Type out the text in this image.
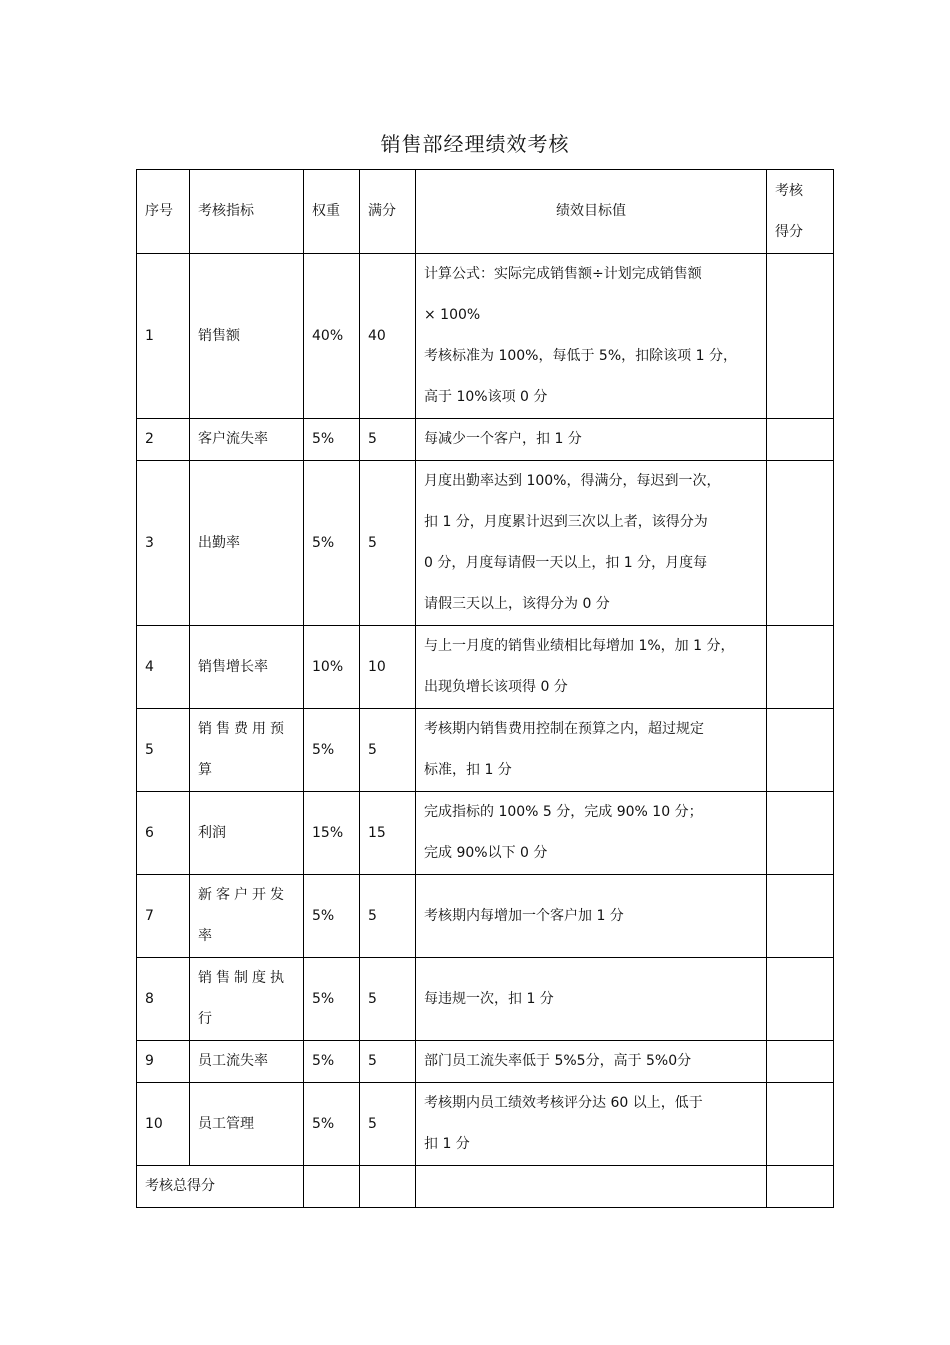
销售部经理绩效考核
序号	考核指标	权重	满分	绩效目标值	考核
得分

1	销售额	40%	40	计算公式：实际完成销售额÷计划完成销售额
× 100%
考核标准为 100%，每低于 5%，扣除该项 1 分，
高于 10%该项 0 分	

2	客户流失率	5%	5	每减少一个客户，扣 1 分	

3	出勤率	5%	5	月度出勤率达到 100%，得满分，每迟到一次，
扣 1 分，月度累计迟到三次以上者，该得分为
0 分，月度每请假一天以上，扣 1 分，月度每
请假三天以上，该得分为 0 分	

4	销售增长率	10%	10	与上一月度的销售业绩相比每增加 1%，加 1 分，
出现负增长该项得 0 分	

5	销售费用预
算	5%	5	考核期内销售费用控制在预算之内，超过规定
标准，扣 1 分	

6	利润	15%	15	完成指标的 100% 5 分，完成 90% 10 分；
完成 90%以下 0 分	

7	新客户开发
率	5%	5	考核期内每增加一个客户加 1 分	

8	销售制度执
行	5%	5	每违规一次，扣 1 分	

9	员工流失率	5%	5	部门员工流失率低于 5%5分，高于 5%0分	

10	员工管理	5%	5	考核期内员工绩效考核评分达 60 以上，低于
扣 1 分	

考核总得分					
